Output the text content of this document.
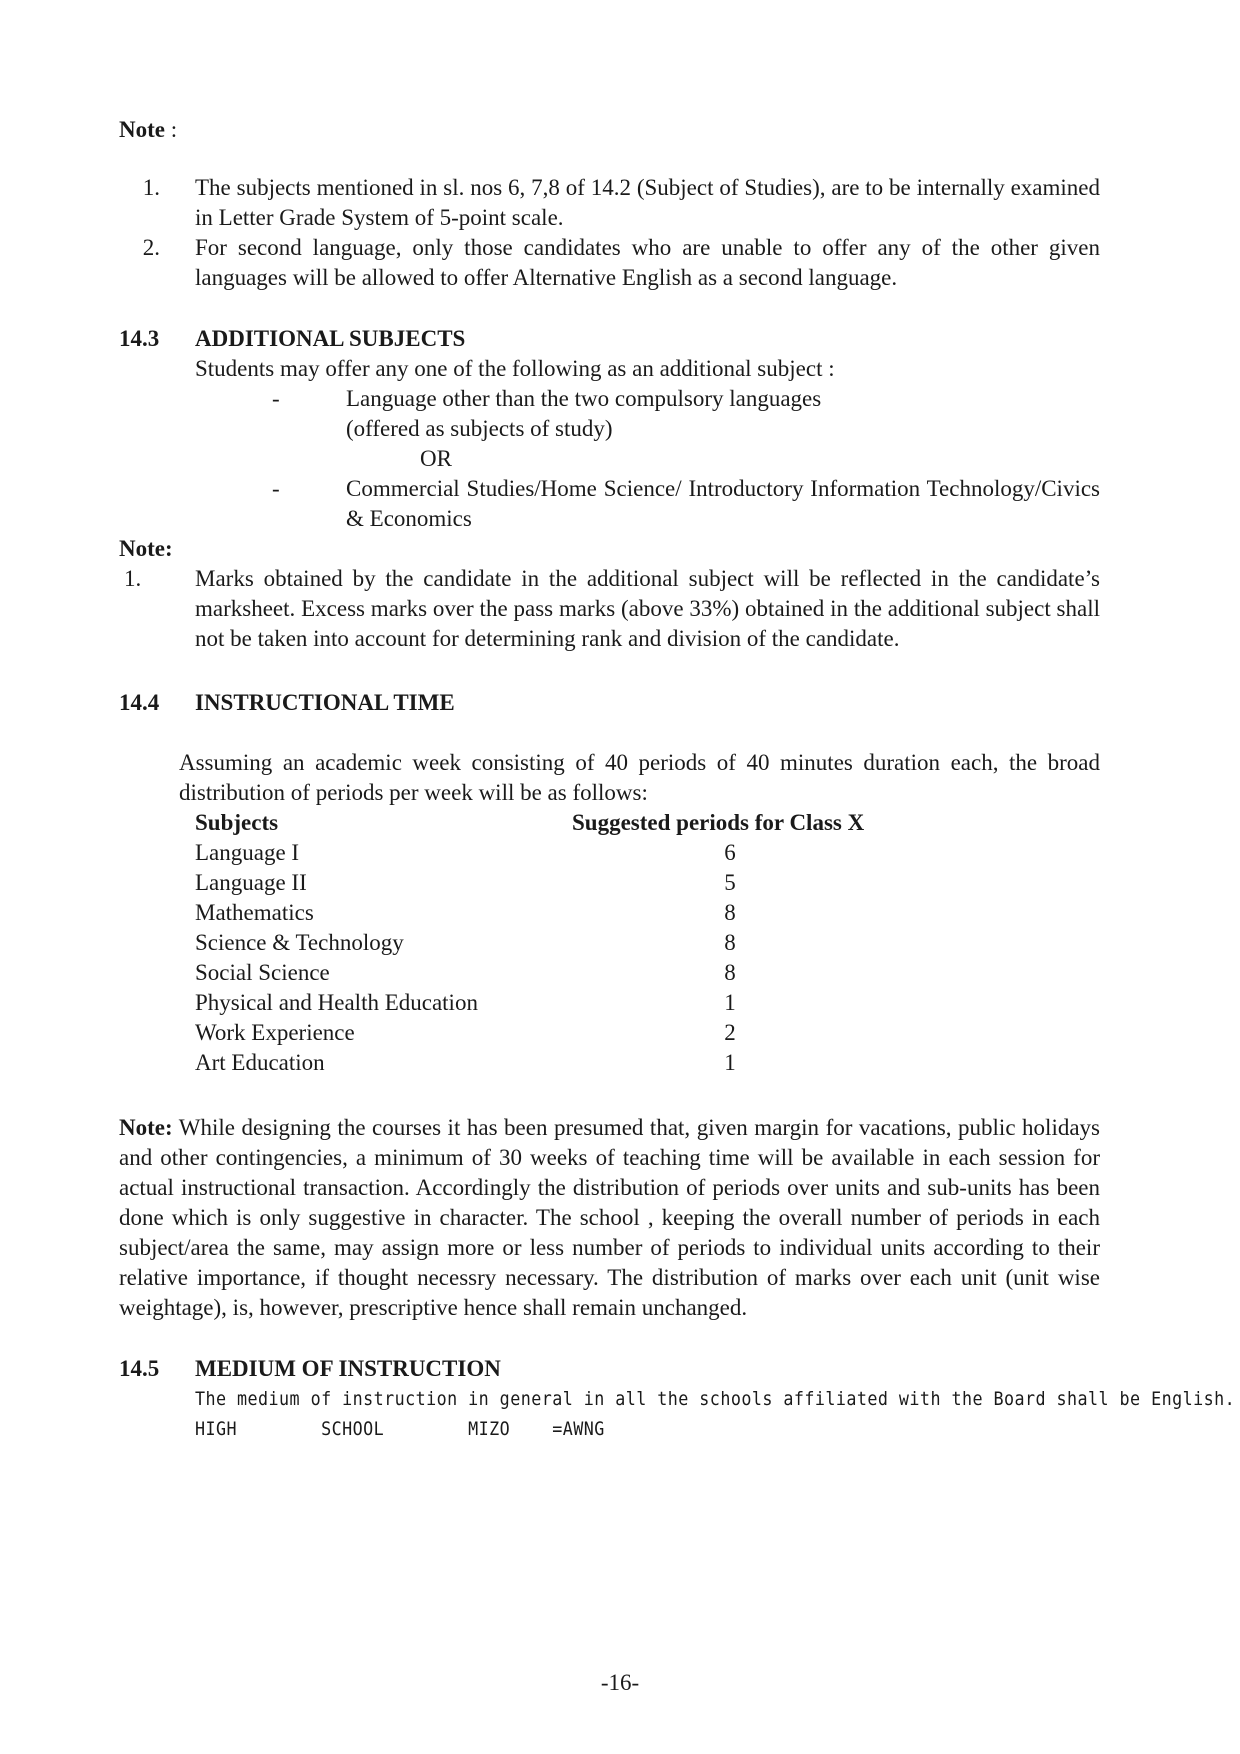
Note :
1. The subjects mentioned in sl. nos 6, 7,8 of 14.2 (Subject of Studies), are to be internally examined in Letter Grade System of 5-point scale.
2. For second language, only those candidates who are unable to offer any of the other given languages will be allowed to offer Alternative English as a second language.
14.3 ADDITIONAL SUBJECTS
Students may offer any one of the following as an additional subject :
-	Language other than the two compulsory languages
(offered as subjects of study)
OR
-	Commercial Studies/Home Science/ Introductory Information Technology/Civics & Economics
Note:
1. Marks obtained by the candidate in the additional subject will be reflected in the candidate’s marksheet. Excess marks over the pass marks (above 33%) obtained in the additional subject shall not be taken into account for determining rank and division of the candidate.
14.4 INSTRUCTIONAL TIME
Assuming an academic week consisting of 40 periods of 40 minutes duration each, the broad distribution of periods per week will be as follows:
Subjects	Suggested periods for Class X
Language I	6
Language II	5
Mathematics	8
Science & Technology	8
Social Science	8
Physical and Health Education	1
Work Experience	2
Art Education	1
Note: While designing the courses it has been presumed that, given margin for vacations, public holidays and other contingencies, a minimum of 30 weeks of teaching time will be available in each session for actual instructional transaction. Accordingly the distribution of periods over units and sub-units has been done which is only suggestive in character. The school , keeping the overall number of periods in each subject/area the same, may assign more or less number of periods to individual units according to their relative importance, if thought necessry necessary. The distribution of marks over each unit (unit wise weightage), is, however, prescriptive hence shall remain unchanged.
14.5 MEDIUM OF INSTRUCTION
The medium of instruction in general in all the schools affiliated with the Board shall be English.
HIGH        SCHOOL        MIZO    =AWNG
-16-
